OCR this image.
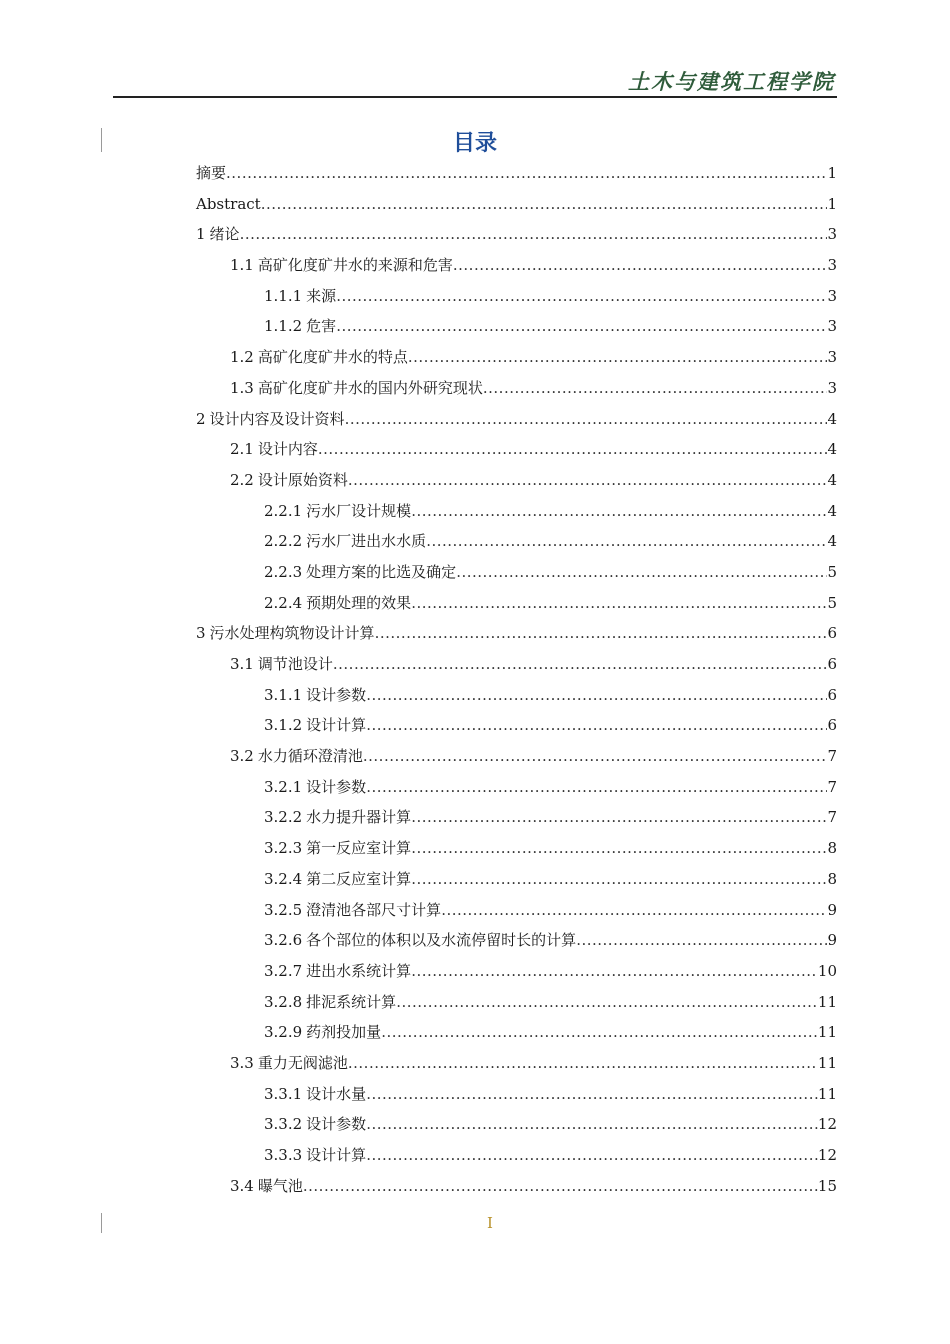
土木与建筑工程学院
目录
摘要 .....	1
Abstract .....	1
1 绪论 .....	3
1.1 高矿化度矿井水的来源和危害 .....	3
1.1.1 来源 .....	3
1.1.2 危害 .....	3
1.2 高矿化度矿井水的特点 .....	3
1.3 高矿化度矿井水的国内外研究现状 .....	3
2 设计内容及设计资料 .....	4
2.1 设计内容 .....	4
2.2 设计原始资料 .....	4
2.2.1 污水厂设计规模 .....	4
2.2.2 污水厂进出水水质 .....	4
2.2.3 处理方案的比选及确定 .....	5
2.2.4 预期处理的效果 .....	5
3 污水处理构筑物设计计算 .....	6
3.1 调节池设计 .....	6
3.1.1 设计参数 .....	6
3.1.2 设计计算 .....	6
3.2 水力循环澄清池 .....	7
3.2.1 设计参数 .....	7
3.2.2 水力提升器计算 .....	7
3.2.3 第一反应室计算 .....	8
3.2.4 第二反应室计算 .....	8
3.2.5 澄清池各部尺寸计算 .....	9
3.2.6 各个部位的体积以及水流停留时长的计算 .....	9
3.2.7 进出水系统计算 .....	10
3.2.8 排泥系统计算 .....	11
3.2.9 药剂投加量 .....	11
3.3 重力无阀滤池 .....	11
3.3.1 设计水量 .....	11
3.3.2 设计参数 .....	12
3.3.3 设计计算 .....	12
3.4 曝气池 .....	15
I
